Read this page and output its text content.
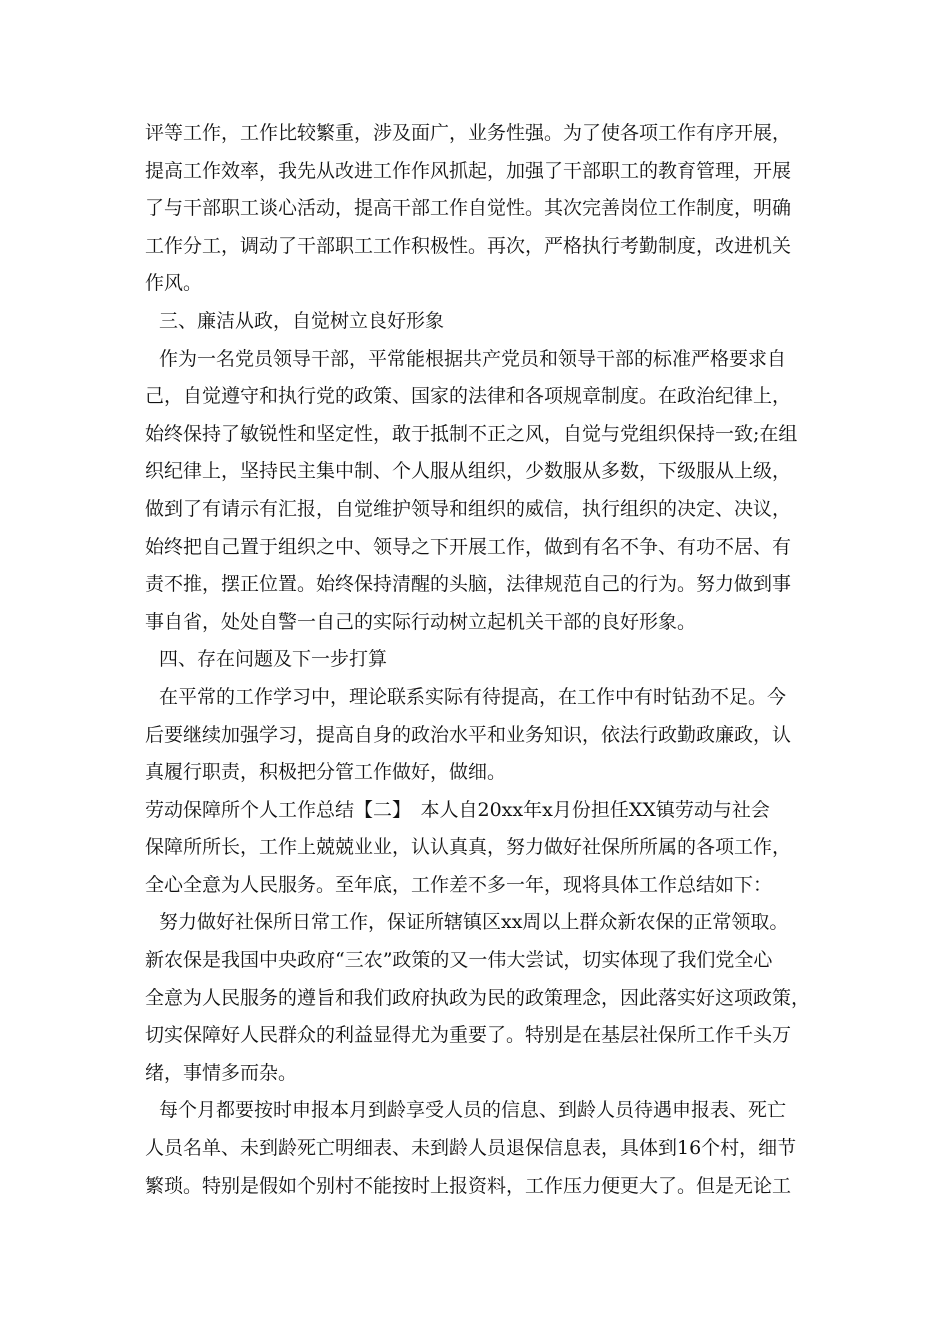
评等工作，工作比较繁重，涉及面广，业务性强。为了使各项工作有序开展，

提高工作效率，我先从改进工作作风抓起，加强了干部职工的教育管理，开展

了与干部职工谈心活动，提高干部工作自觉性。其次完善岗位工作制度，明确

工作分工，调动了干部职工工作积极性。再次，严格执行考勤制度，改进机关

作风。

三、廉洁从政，自觉树立良好形象

作为一名党员领导干部，平常能根据共产党员和领导干部的标准严格要求自

己，自觉遵守和执行党的政策、国家的法律和各项规章制度。在政治纪律上，

始终保持了敏锐性和坚定性，敢于抵制不正之风，自觉与党组织保持一致;在组

织纪律上，坚持民主集中制、个人服从组织，少数服从多数，下级服从上级，

做到了有请示有汇报，自觉维护领导和组织的威信，执行组织的决定、决议，

始终把自己置于组织之中、领导之下开展工作，做到有名不争、有功不居、有

责不推，摆正位置。始终保持清醒的头脑，法律规范自己的行为。努力做到事

事自省，处处自警一自己的实际行动树立起机关干部的良好形象。

四、存在问题及下一步打算

在平常的工作学习中，理论联系实际有待提高，在工作中有时钻劲不足。今

后要继续加强学习，提高自身的政治水平和业务知识，依法行政勤政廉政，认

真履行职责，积极把分管工作做好，做细。

劳动保障所个人工作总结【二】　本人自20xx年x月份担任XX镇劳动与社会

保障所所长，工作上兢兢业业，认认真真，努力做好社保所所属的各项工作，

全心全意为人民服务。至年底，工作差不多一年，现将具体工作总结如下：

努力做好社保所日常工作，保证所辖镇区xx周以上群众新农保的正常领取。

新农保是我国中央政府“三农”政策的又一伟大尝试，切实体现了我们党全心

全意为人民服务的遵旨和我们政府执政为民的政策理念，因此落实好这项政策，

切实保障好人民群众的利益显得尤为重要了。特别是在基层社保所工作千头万

绪，事情多而杂。

每个月都要按时申报本月到龄享受人员的信息、到龄人员待遇申报表、死亡

人员名单、未到龄死亡明细表、未到龄人员退保信息表，具体到16个村，细节

繁琐。特别是假如个别村不能按时上报资料，工作压力便更大了。但是无论工
